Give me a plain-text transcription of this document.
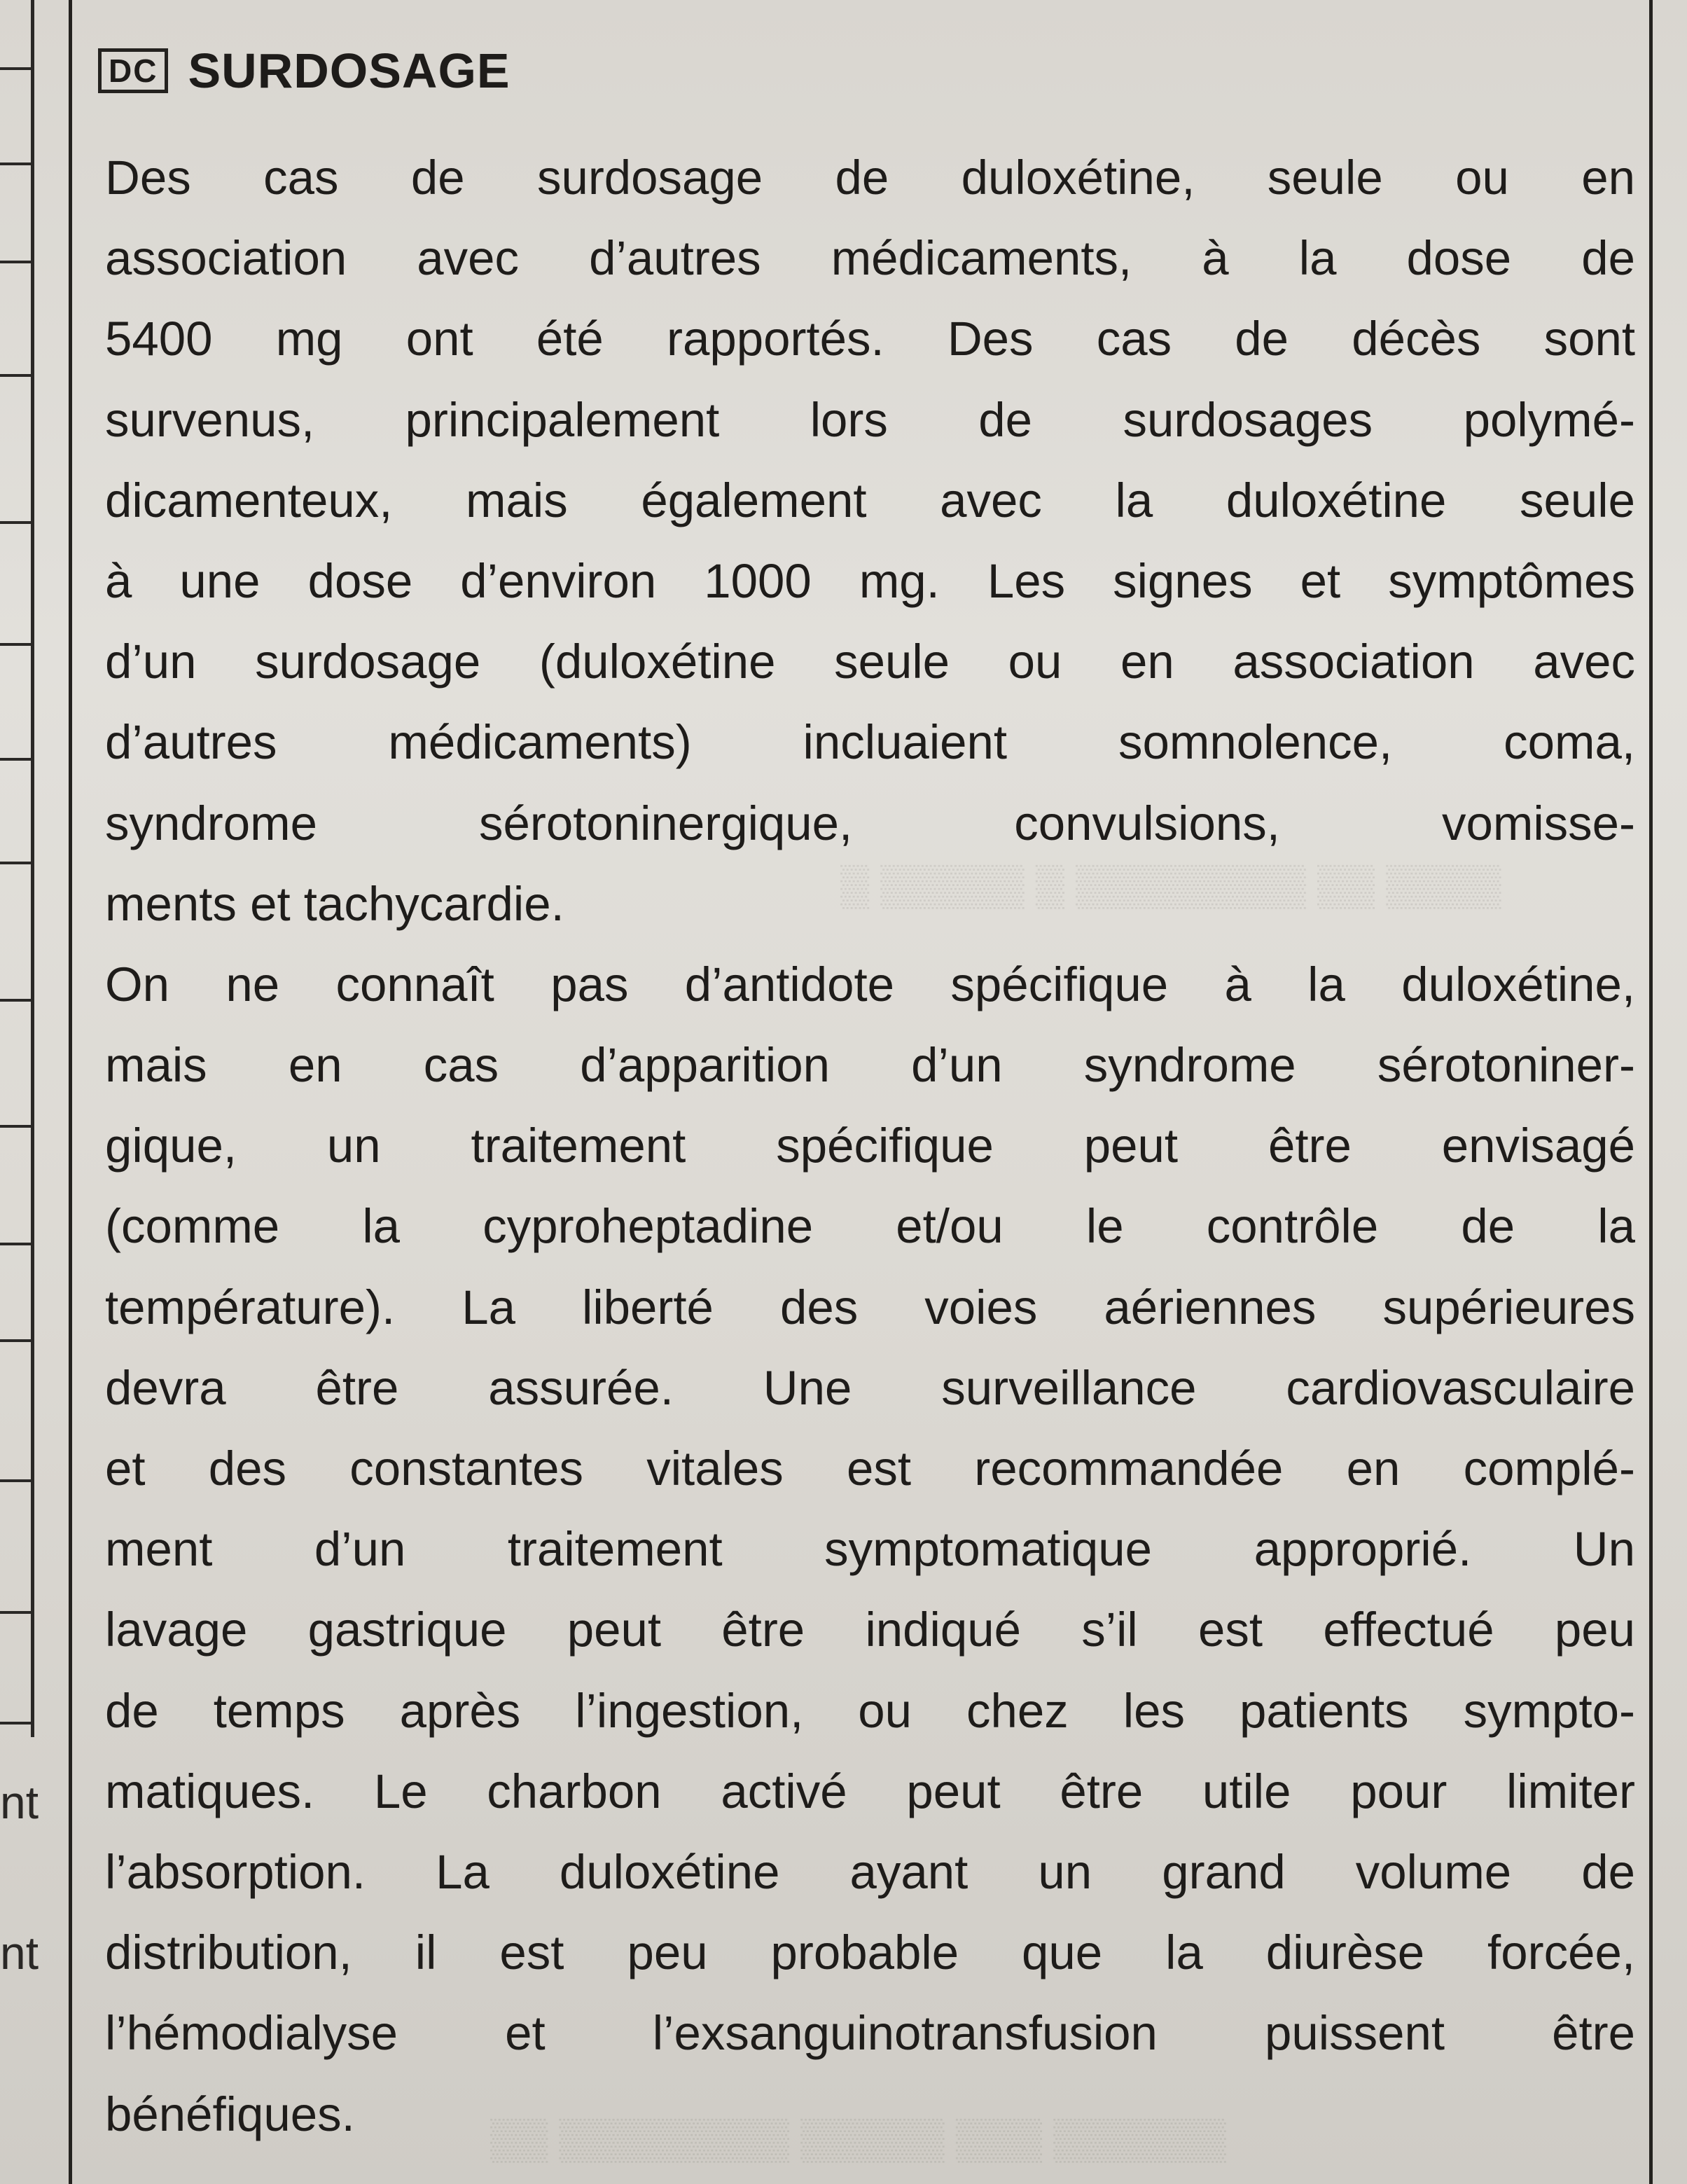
▒▒▒▒ ▒▒ ▒▒▒▒▒▒▒▒ ▒ ▒▒▒▒▒ ▒
▒▒▒▒▒▒ ▒▒▒ ▒▒▒▒▒ ▒▒▒▒▒▒▒▒ ▒▒
nt
nt
DC SURDOSAGE
Des cas de surdosage de duloxétine, seule ou en
association avec d’autres médicaments, à la dose de
5400 mg ont été rapportés. Des cas de décès sont
survenus, principalement lors de surdosages polymé-
dicamenteux, mais également avec la duloxétine seule
à une dose d’environ 1000 mg. Les signes et symptômes
d’un surdosage (duloxétine seule ou en association avec
d’autres médicaments) incluaient somnolence, coma,
syndrome sérotoninergique, convulsions, vomisse-
ments et tachycardie.
On ne connaît pas d’antidote spécifique à la duloxétine,
mais en cas d’apparition d’un syndrome sérotoniner-
gique, un traitement spécifique peut être envisagé
(comme la cyproheptadine et/ou le contrôle de la
température). La liberté des voies aériennes supérieures
devra être assurée. Une surveillance cardiovasculaire
et des constantes vitales est recommandée en complé-
ment d’un traitement symptomatique approprié. Un
lavage gastrique peut être indiqué s’il est effectué peu
de temps après l’ingestion, ou chez les patients sympto-
matiques. Le charbon activé peut être utile pour limiter
l’absorption. La duloxétine ayant un grand volume de
distribution, il est peu probable que la diurèse forcée,
l’hémodialyse et l’exsanguinotransfusion puissent être
bénéfiques.
